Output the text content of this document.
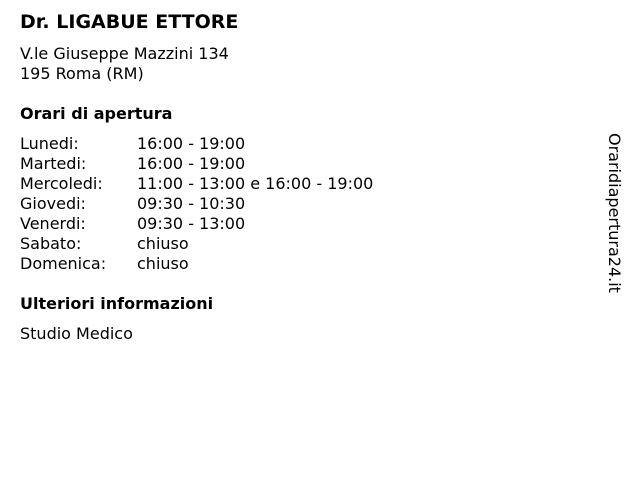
Dr. LIGABUE ETTORE
V.le Giuseppe Mazzini 134
195 Roma (RM)
Orari di apertura
Lunedi:	16:00 - 19:00
Martedi:	16:00 - 19:00
Mercoledi:	11:00 - 13:00 e 16:00 - 19:00
Giovedi:	09:30 - 10:30
Venerdi:	09:30 - 13:00
Sabato:	chiuso
Domenica:	chiuso
Ulteriori informazioni
Studio Medico
Oraridiapertura24.it
